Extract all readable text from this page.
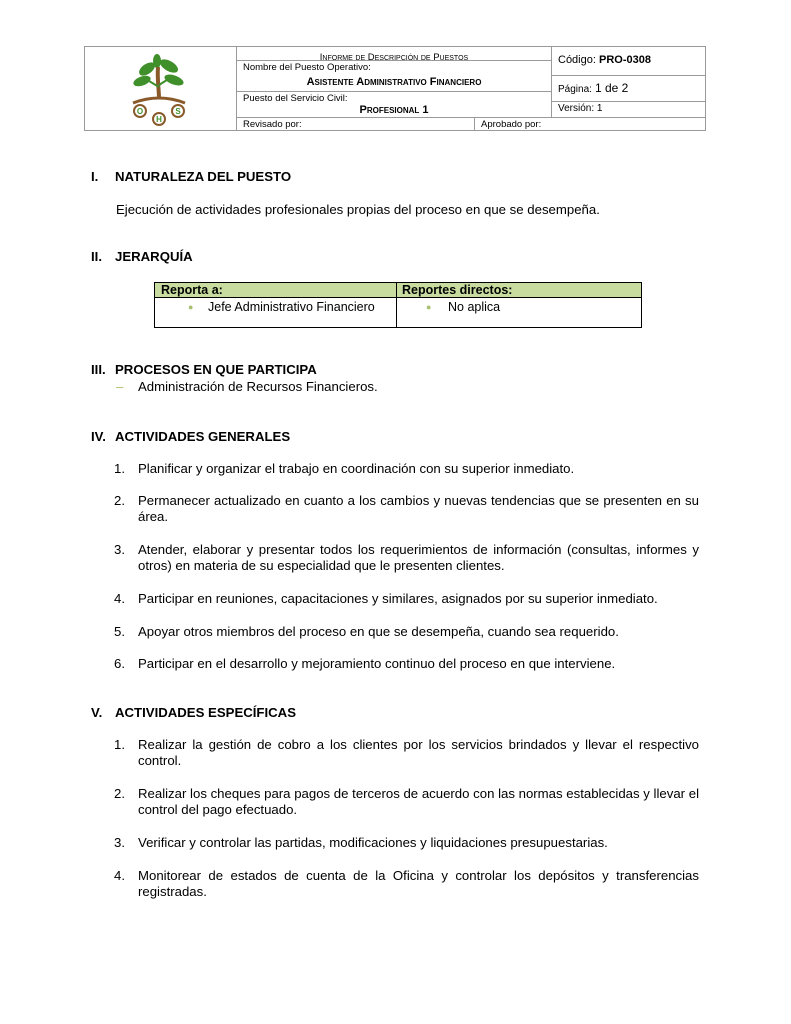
O
H
S
Informe de Descripción de Puestos
Nombre del Puesto Operativo:
Asistente Administrativo Financiero
Puesto del Servicio Civil:
Profesional 1
Código: PRO-0308
Página: 1 de 2
Versión: 1
Revisado por:	Aprobado por:
I. NATURALEZA DEL PUESTO
Ejecución de actividades profesionales propias del proceso en que se desempeña.
II. JERARQUÍA
Reporta a:	Reportes directos:
● Jefe Administrativo Financiero	● No aplica
III. PROCESOS EN QUE PARTICIPA
– Administración de Recursos Financieros.
IV. ACTIVIDADES GENERALES
1. Planificar y organizar el trabajo en coordinación con su superior inmediato.
2. Permanecer actualizado en cuanto a los cambios y nuevas tendencias que se presenten en su área.
3. Atender, elaborar y presentar todos los requerimientos de información (consultas, informes y otros) en materia de su especialidad que le presenten clientes.
4. Participar en reuniones, capacitaciones y similares, asignados por su superior inmediato.
5. Apoyar otros miembros del proceso en que se desempeña, cuando sea requerido.
6. Participar en el desarrollo y mejoramiento continuo del proceso en que interviene.
V. ACTIVIDADES ESPECÍFICAS
1. Realizar la gestión de cobro a los clientes por los servicios brindados y llevar el respectivo control.
2. Realizar los cheques para pagos de terceros de acuerdo con las normas establecidas y llevar el control del pago efectuado.
3. Verificar y controlar las partidas, modificaciones y liquidaciones presupuestarias.
4. Monitorear de estados de cuenta de la Oficina y controlar los depósitos y transferencias registradas.
